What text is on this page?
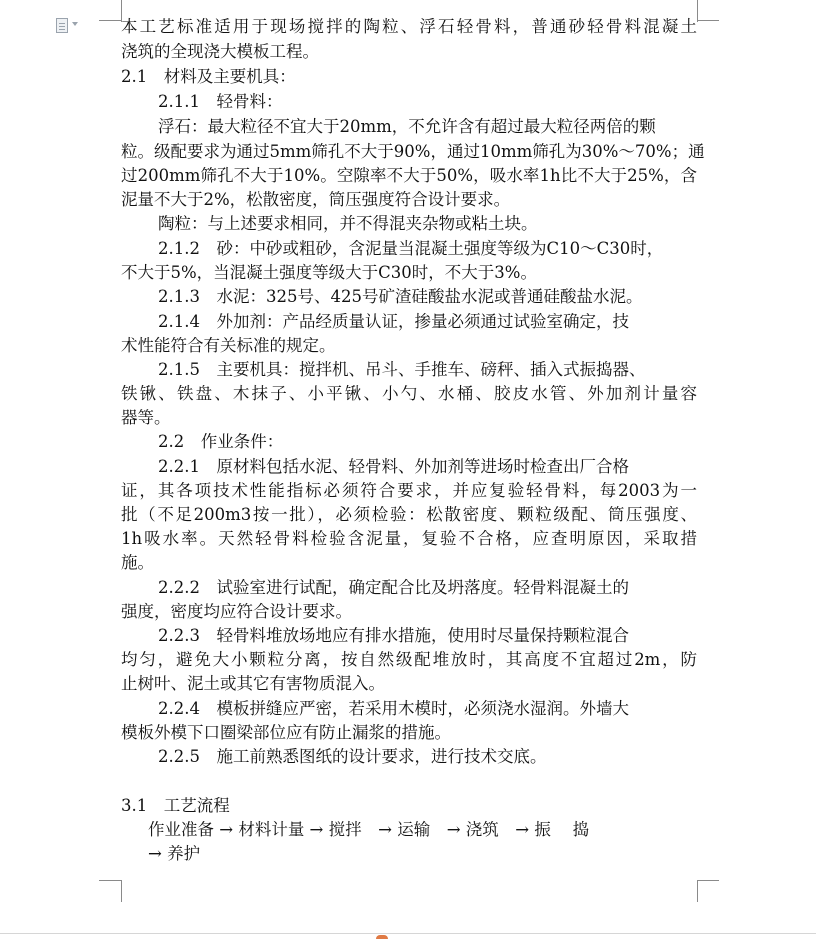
本工艺标准适用于现场搅拌的陶粒、浮石轻骨料，普通砂轻骨料混凝土
浇筑的全现浇大模板工程。
2.1　材料及主要机具：
2.1.1　轻骨料：
浮石：最大粒径不宜大于20mm，不允许含有超过最大粒径两倍的颗
粒。级配要求为通过5mm筛孔不大于90%，通过10mm筛孔为30%～70%；通
过200mm筛孔不大于10%。空隙率不大于50%，吸水率1h比不大于25%，含
泥量不大于2%，松散密度，筒压强度符合设计要求。
陶粒：与上述要求相同，并不得混夹杂物或粘土块。
2.1.2　砂：中砂或粗砂，含泥量当混凝土强度等级为C10～C30时，
不大于5%，当混凝土强度等级大于C30时，不大于3%。
2.1.3　水泥：325号、425号矿渣硅酸盐水泥或普通硅酸盐水泥。
2.1.4　外加剂：产品经质量认证，掺量必须通过试验室确定，技
术性能符合有关标准的规定。
2.1.5　主要机具：搅拌机、吊斗、手推车、磅秤、插入式振捣器、
铁锹、铁盘、木抹子、小平锹、小勺、水桶、胶皮水管、外加剂计量容
器等。
2.2　作业条件：
2.2.1　原材料包括水泥、轻骨料、外加剂等进场时检查出厂合格
证，其各项技术性能指标必须符合要求，并应复验轻骨料，每2003为一
批（不足200m3按一批），必须检验：松散密度、颗粒级配、筒压强度、
1h吸水率。天然轻骨料检验含泥量，复验不合格，应查明原因，采取措
施。
2.2.2　试验室进行试配，确定配合比及坍落度。轻骨料混凝土的
强度，密度均应符合设计要求。
2.2.3　轻骨料堆放场地应有排水措施，使用时尽量保持颗粒混合
均匀，避免大小颗粒分离，按自然级配堆放时，其高度不宜超过2m，防
止树叶、泥土或其它有害物质混入。
2.2.4　模板拼缝应严密，若采用木模时，必须浇水湿润。外墙大
模板外模下口圈梁部位应有防止漏浆的措施。
2.2.5　施工前熟悉图纸的设计要求，进行技术交底。
3.1　工艺流程
作业准备 → 材料计量 → 搅拌　→ 运输　→ 浇筑　→ 振　 捣
→ 养护
